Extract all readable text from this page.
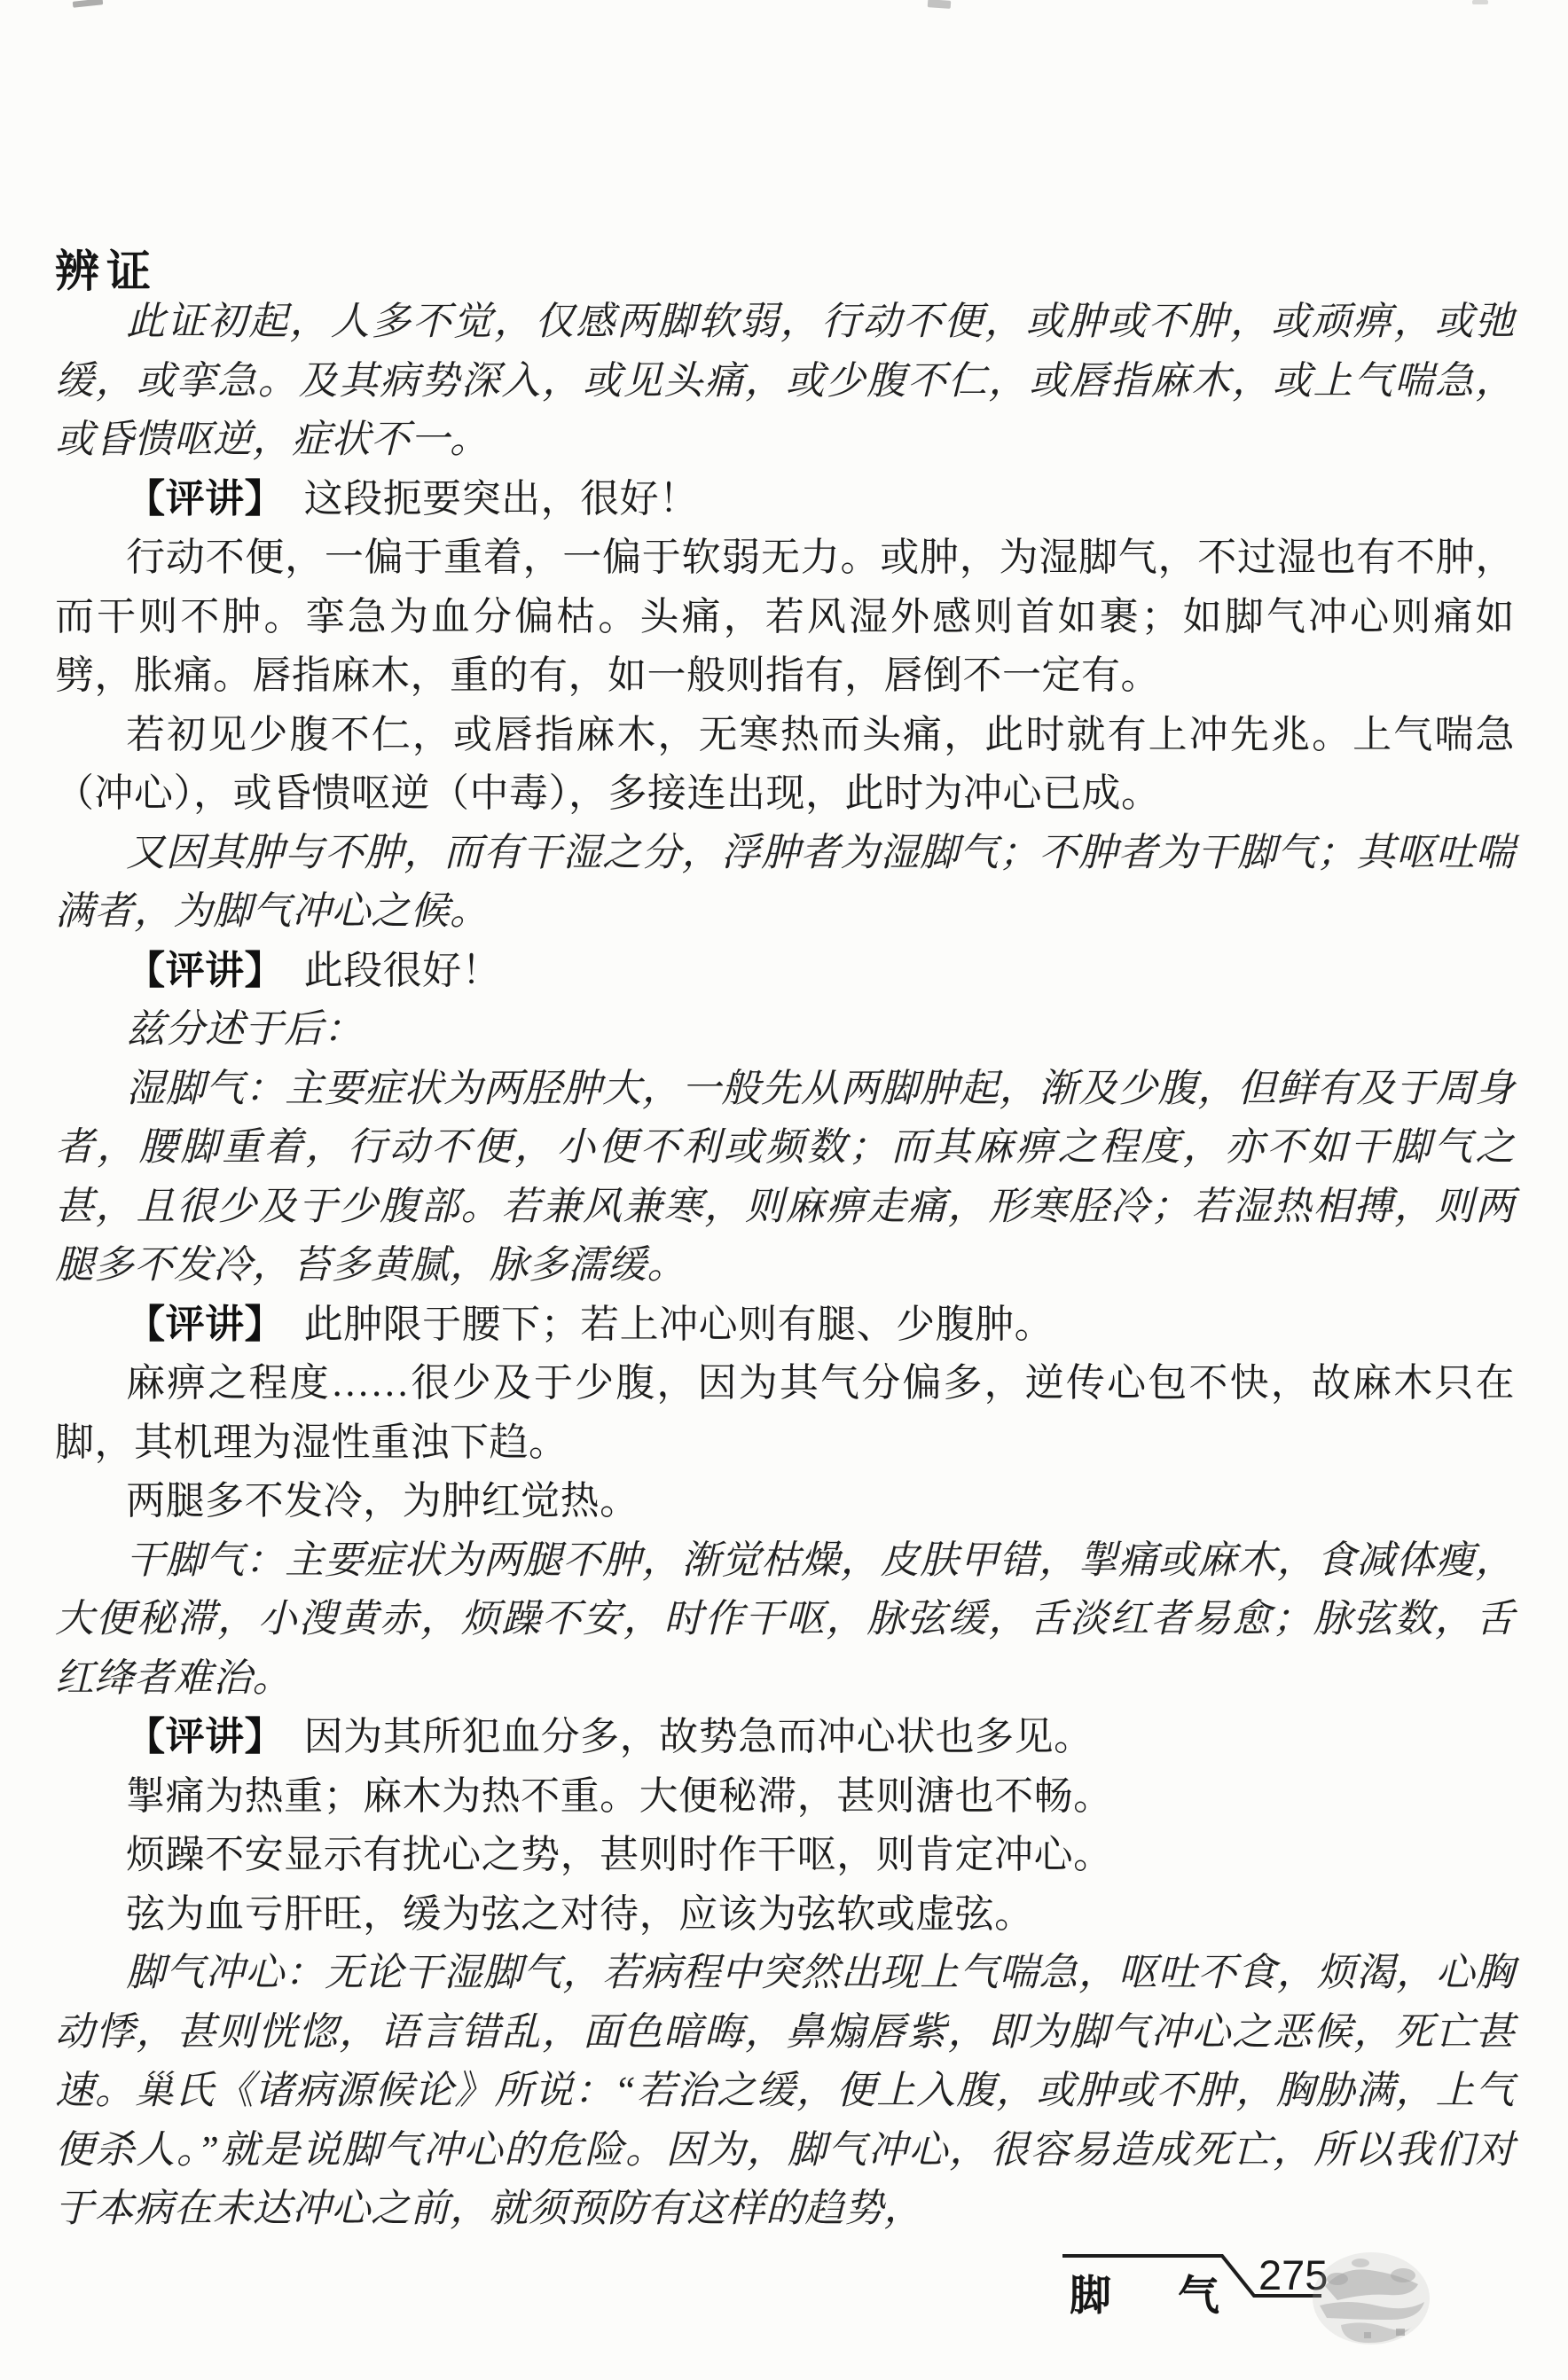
辨证

此证初起，人多不觉，仅感两脚软弱，行动不便，或肿或不肿，或顽痹，或弛缓，或挛急。及其病势深入，或见头痛，或少腹不仁，或唇指麻木，或上气喘急，或昏愦呕逆，症状不一。

【评讲】　这段扼要突出，很好！

行动不便，一偏于重着，一偏于软弱无力。或肿，为湿脚气，不过湿也有不肿，而干则不肿。挛急为血分偏枯。头痛，若风湿外感则首如裹；如脚气冲心则痛如劈，胀痛。唇指麻木，重的有，如一般则指有，唇倒不一定有。

若初见少腹不仁，或唇指麻木，无寒热而头痛，此时就有上冲先兆。上气喘急（冲心），或昏愦呕逆（中毒），多接连出现，此时为冲心已成。

又因其肿与不肿，而有干湿之分，浮肿者为湿脚气；不肿者为干脚气；其呕吐喘满者，为脚气冲心之候。

【评讲】　此段很好！

兹分述于后：

湿脚气：主要症状为两胫肿大，一般先从两脚肿起，渐及少腹，但鲜有及于周身者，腰脚重着，行动不便，小便不利或频数；而其麻痹之程度，亦不如干脚气之甚，且很少及于少腹部。若兼风兼寒，则麻痹走痛，形寒胫冷；若湿热相搏，则两腿多不发冷，苔多黄腻，脉多濡缓。

【评讲】　此肿限于腰下；若上冲心则有腿、少腹肿。

麻痹之程度……很少及于少腹，因为其气分偏多，逆传心包不快，故麻木只在脚，其机理为湿性重浊下趋。

两腿多不发冷，为肿红觉热。

干脚气：主要症状为两腿不肿，渐觉枯燥，皮肤甲错，掣痛或麻木，食减体瘦，大便秘滞，小溲黄赤，烦躁不安，时作干呕，脉弦缓，舌淡红者易愈；脉弦数，舌红绛者难治。

【评讲】　因为其所犯血分多，故势急而冲心状也多见。

掣痛为热重；麻木为热不重。大便秘滞，甚则溏也不畅。

烦躁不安显示有扰心之势，甚则时作干呕，则肯定冲心。

弦为血亏肝旺，缓为弦之对待，应该为弦软或虚弦。

脚气冲心：无论干湿脚气，若病程中突然出现上气喘急，呕吐不食，烦渴，心胸动悸，甚则恍惚，语言错乱，面色暗晦，鼻煽唇紫，即为脚气冲心之恶候，死亡甚速。巢氏《诸病源候论》所说：“若治之缓，便上入腹，或肿或不肿，胸胁满，上气便杀人。”就是说脚气冲心的危险。因为，脚气冲心，很容易造成死亡，所以我们对于本病在未达冲心之前，就须预防有这样的趋势，

脚　气 275
